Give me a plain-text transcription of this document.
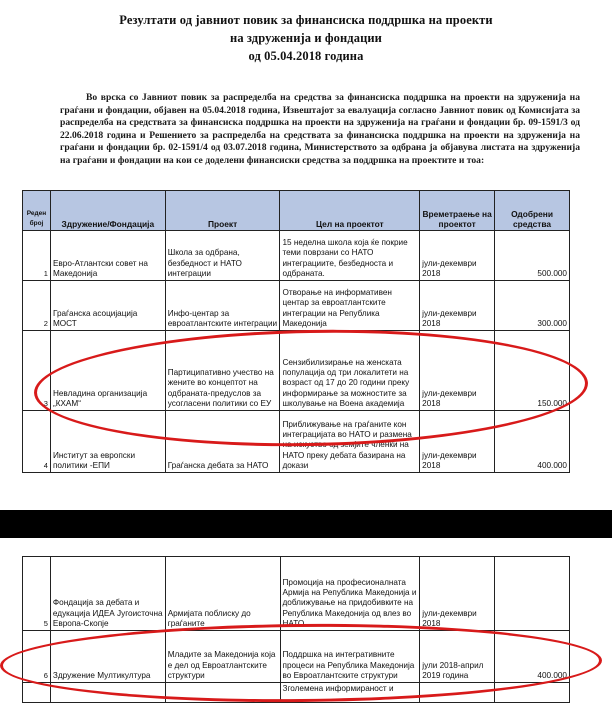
Резултати од јавниот повик за финансиска поддршка на проекти
на здруженија и фондации
од 05.04.2018 година

Во врска со Јавниот повик за распределба на средства за финансиска поддршка на проекти на здруженија на граѓани и фондации, објавен на 05.04.2018 година, Извештајот за евалуација согласно Јавниот повик од Комисијата за распределба на средствата за финансиска поддршка на проекти на здруженија на граѓани и фондации бр. 09-1591/3 од 22.06.2018 година и Решението за распределба на средствата за финансиска поддршка на проекти на здруженија на граѓани и фондации бр. 02-1591/4 од 03.07.2018 година, Министерството за одбрана ја објавува листата на здруженија на граѓани и фондации на кои се доделени финансиски средства за поддршка на проектите и тоа:

Реден број	Здружение/Фондација	Проект	Цел на проектот	Времетраење на проектот	Одобрени средства
1	Евро-Атлантски совет на Македонија	Школа за одбрана, безбедност и НАТО интеграции	15 неделна школа која ќе покрие теми поврзани со НАТО интеграциите, безбедноста и одбраната.	јули-декември 2018	500.000
2	Граѓанска асоцијација МОСТ	Инфо-центар за евроатлантските интеграции	Отворање на информативен центар за евроатлантските интеграции на Република Македонија	јули-декември 2018	300.000
3	Невладина организација „КХАМ“	Партиципативно учество на жените во концептот на одбраната-предуслов за усогласени политики со ЕУ	Сензибилизирање на женската популација од три локалитети на возраст од 17 до 20 години преку информирање за можностите за школување на Воена академија	јули-декември 2018	150.000
4	Институт за европски политики -ЕПИ	Граѓанска дебата за НАТО	Приближување на граѓаните кон интеграцијата во НАТО и размена на искуство од земјите членки на НАТО преку дебата базирана на докази	јули-декември 2018	400.000
5	Фондација за дебата и едукација ИДЕА Југоисточна Европа-Скопје	Армијата поблиску до граѓаните	Промоција на професионалната Армија на Република Македонија и доближување на придобивките на Република Македонија од влез во НАТО	јули-декември 2018	
6	Здружение Мултикултура	Младите за Македонија која е дел од Евроатлантските структури	Поддршка на интегративните процеси на Република Македонија во Евроатлантските структури	јули 2018-април 2019 година	400.000
			Зголемена информираност и		
